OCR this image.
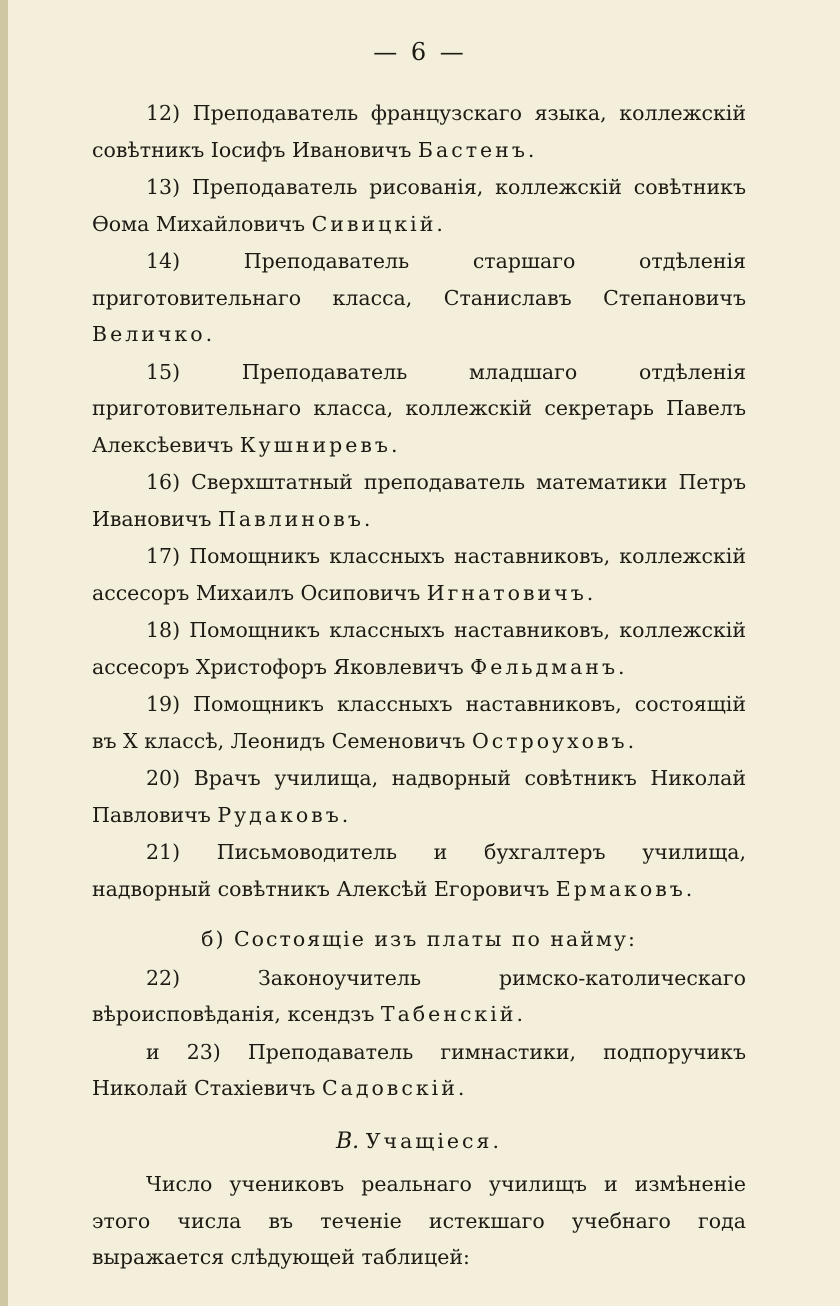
— 6 —

12) Преподаватель французскаго языка, коллежскій совѣтникъ Іосифъ Ивановичъ Бастенъ.

13) Преподаватель рисованія, коллежскій совѣтникъ Ѳома Михайловичъ Сивицкій.

14) Преподаватель старшаго отдѣленія приготовительнаго класса, Станиславъ Степановичъ Величко.

15) Преподаватель младшаго отдѣленія приготовительнаго класса, коллежскій секретарь Павелъ Алексѣевичъ Кушниревъ.

16) Сверхштатный преподаватель математики Петръ Ивановичъ Павлиновъ.

17) Помощникъ классныхъ наставниковъ, коллежскій ассесоръ Михаилъ Осиповичъ Игнатовичъ.

18) Помощникъ классныхъ наставниковъ, коллежскій ассесоръ Христофоръ Яковлевичъ Фельдманъ.

19) Помощникъ классныхъ наставниковъ, состоящій въ X классѣ, Леонидъ Семеновичъ Остроуховъ.

20) Врачъ училища, надворный совѣтникъ Николай Павловичъ Рудаковъ.

21) Письмоводитель и бухгалтеръ училища, надворный совѣтникъ Алексѣй Егоровичъ Ермаковъ.

б) Состоящіе изъ платы по найму:

22) Законоучитель римско-католическаго вѣроисповѣданія, ксендзъ Табенскій.

и 23) Преподаватель гимнастики, подпоручикъ Николай Стахіевичъ Садовскій.

В. Учащіеся.

Число учениковъ реальнаго училищъ и измѣненіе этого числа въ теченіе истекшаго учебнаго года выражается слѣдующей таблицей:
